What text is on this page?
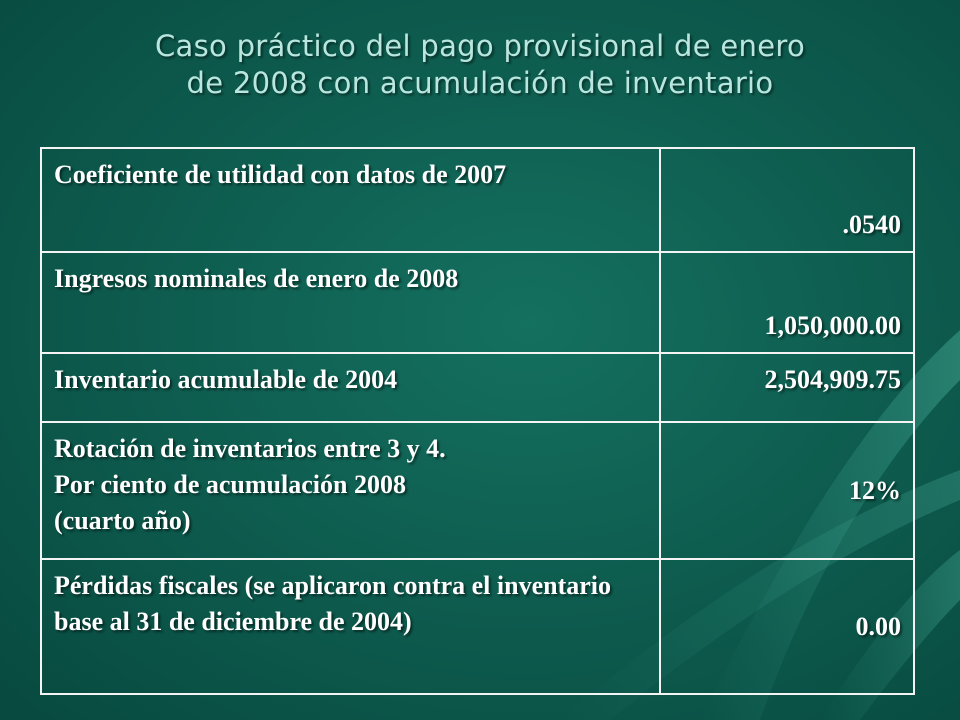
Caso práctico del pago provisional de enero
de 2008 con acumulación de inventario
Coeficiente de utilidad con datos de 2007	.0540
Ingresos nominales de enero de 2008	1,050,000.00
Inventario acumulable de 2004	2,504,909.75
Rotación de inventarios entre 3 y 4.
Por ciento de acumulación 2008
(cuarto año)	12%
Pérdidas fiscales (se aplicaron contra el inventario base al 31 de diciembre de 2004)	0.00
